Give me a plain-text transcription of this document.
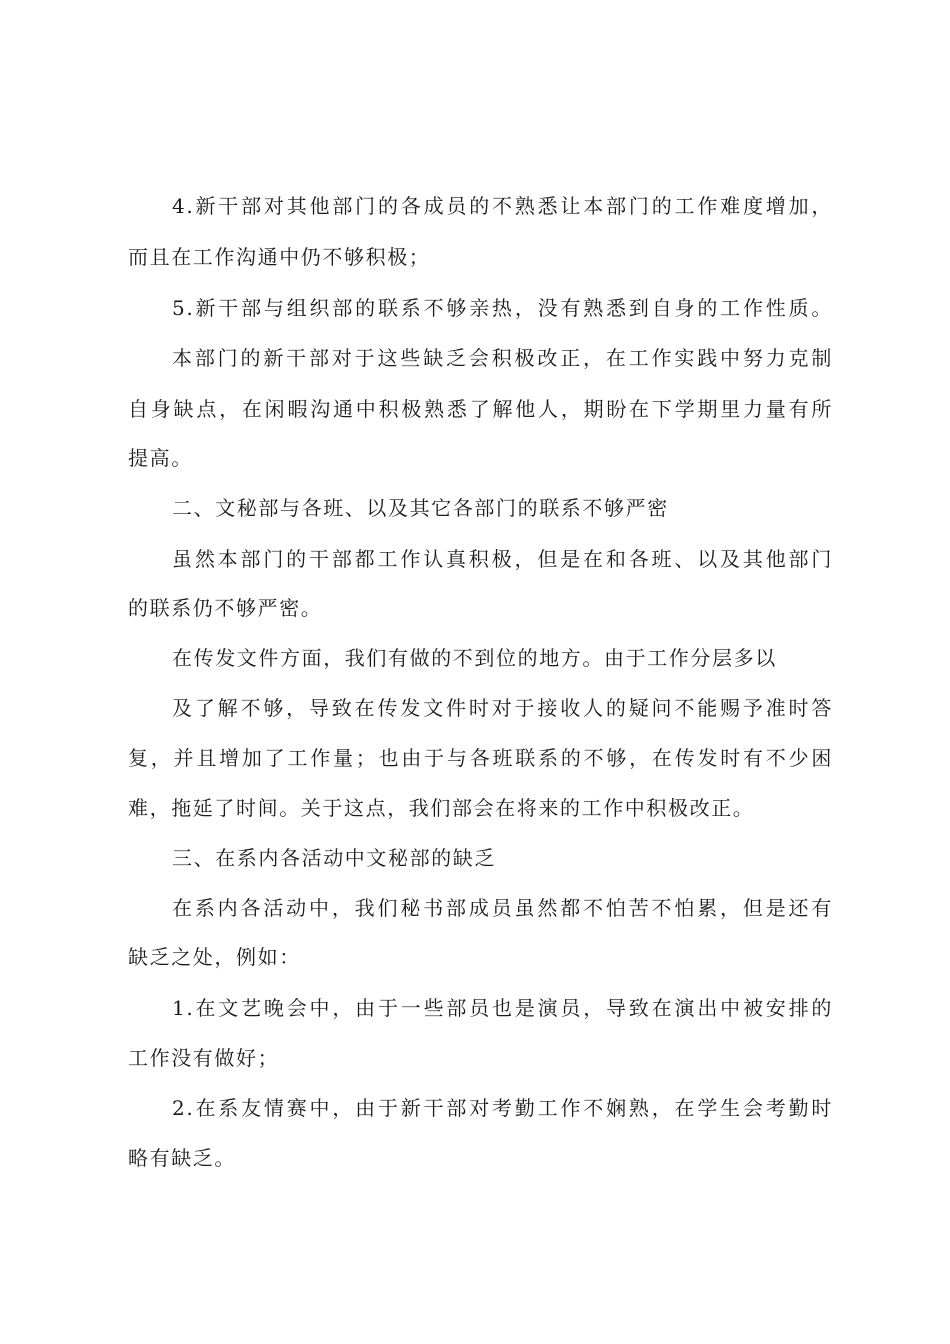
4.新干部对其他部门的各成员的不熟悉让本部门的工作难度增加，
而且在工作沟通中仍不够积极；
5.新干部与组织部的联系不够亲热，没有熟悉到自身的工作性质。
本部门的新干部对于这些缺乏会积极改正，在工作实践中努力克制
自身缺点，在闲暇沟通中积极熟悉了解他人，期盼在下学期里力量有所
提高。
二、文秘部与各班、以及其它各部门的联系不够严密
虽然本部门的干部都工作认真积极，但是在和各班、以及其他部门
的联系仍不够严密。
在传发文件方面，我们有做的不到位的地方。由于工作分层多以
及了解不够，导致在传发文件时对于接收人的疑问不能赐予准时答
复，并且增加了工作量；也由于与各班联系的不够，在传发时有不少困
难，拖延了时间。关于这点，我们部会在将来的工作中积极改正。
三、在系内各活动中文秘部的缺乏
在系内各活动中，我们秘书部成员虽然都不怕苦不怕累，但是还有
缺乏之处，例如：
1.在文艺晚会中，由于一些部员也是演员，导致在演出中被安排的
工作没有做好；
2.在系友情赛中，由于新干部对考勤工作不娴熟，在学生会考勤时
略有缺乏。
